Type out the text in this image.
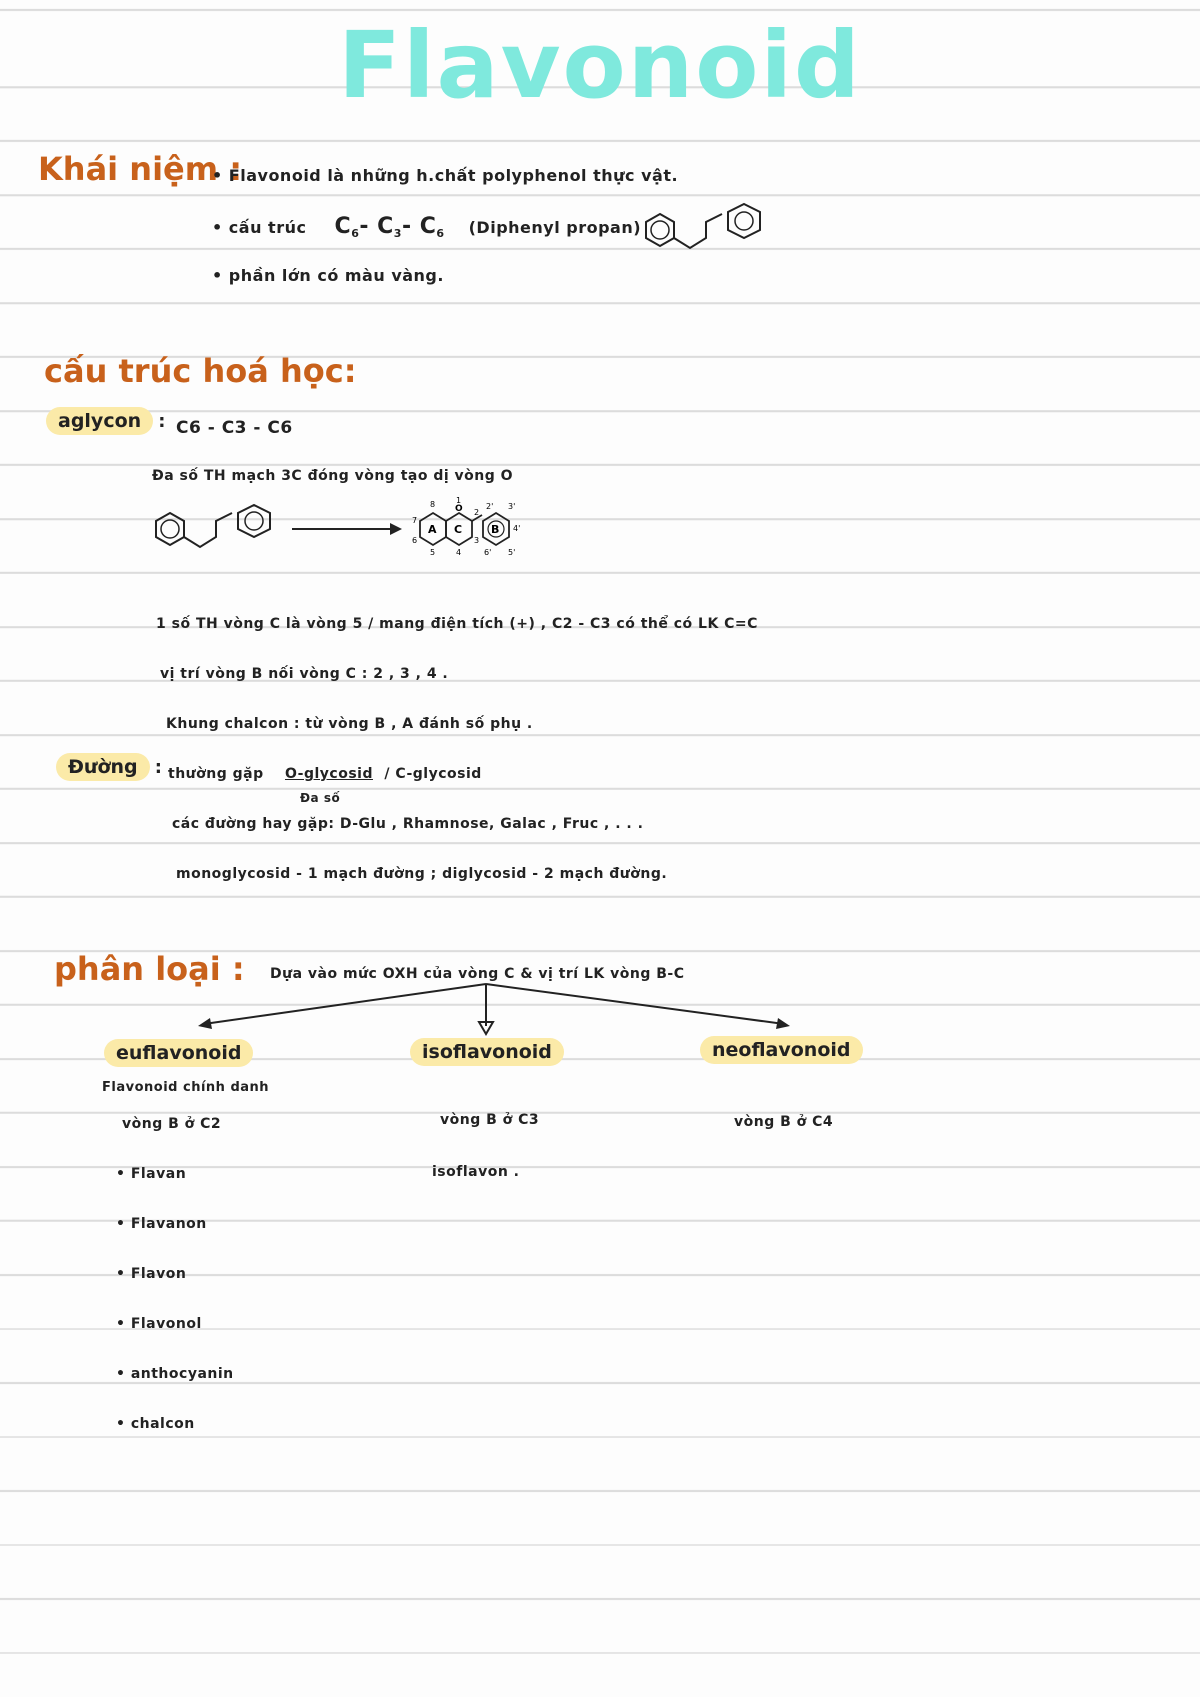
Flavonoid
Khái niệm :
• Flavonoid là những h.chất polyphenol thực vật.
• cấu trúc C6- C3- C6 (Diphenyl propan)
• phần lớn có màu vàng.
cấu trúc hoá học:
aglycon : C6 - C3 - C6
Đa số TH mạch 3C đóng vòng tạo dị vòng O
A C	B
O
8
7
6
5	4
2
3
1
2' 3'
4'
5'
6'
1 số TH vòng C là vòng 5 / mang điện tích (+) , C2 - C3 có thể có LK C=C
vị trí vòng B nối vòng C : 2 , 3 , 4 .
Khung chalcon : từ vòng B , A đánh số phụ .
Đường : thường gặp O-glycosid / C-glycosid
Đa số
các đường hay gặp: D-Glu , Rhamnose, Galac , Fruc , . . .
monoglycosid - 1 mạch đường ; diglycosid - 2 mạch đường.
phân loại : Dựa vào mức OXH của vòng C & vị trí LK vòng B-C
euflavonoid
Flavonoid chính danh
vòng B ở C2
• Flavan
• Flavanon
• Flavon
• Flavonol
• anthocyanin
• chalcon
isoflavonoid
vòng B ở C3
isoflavon .
neoflavonoid
vòng B ở C4
